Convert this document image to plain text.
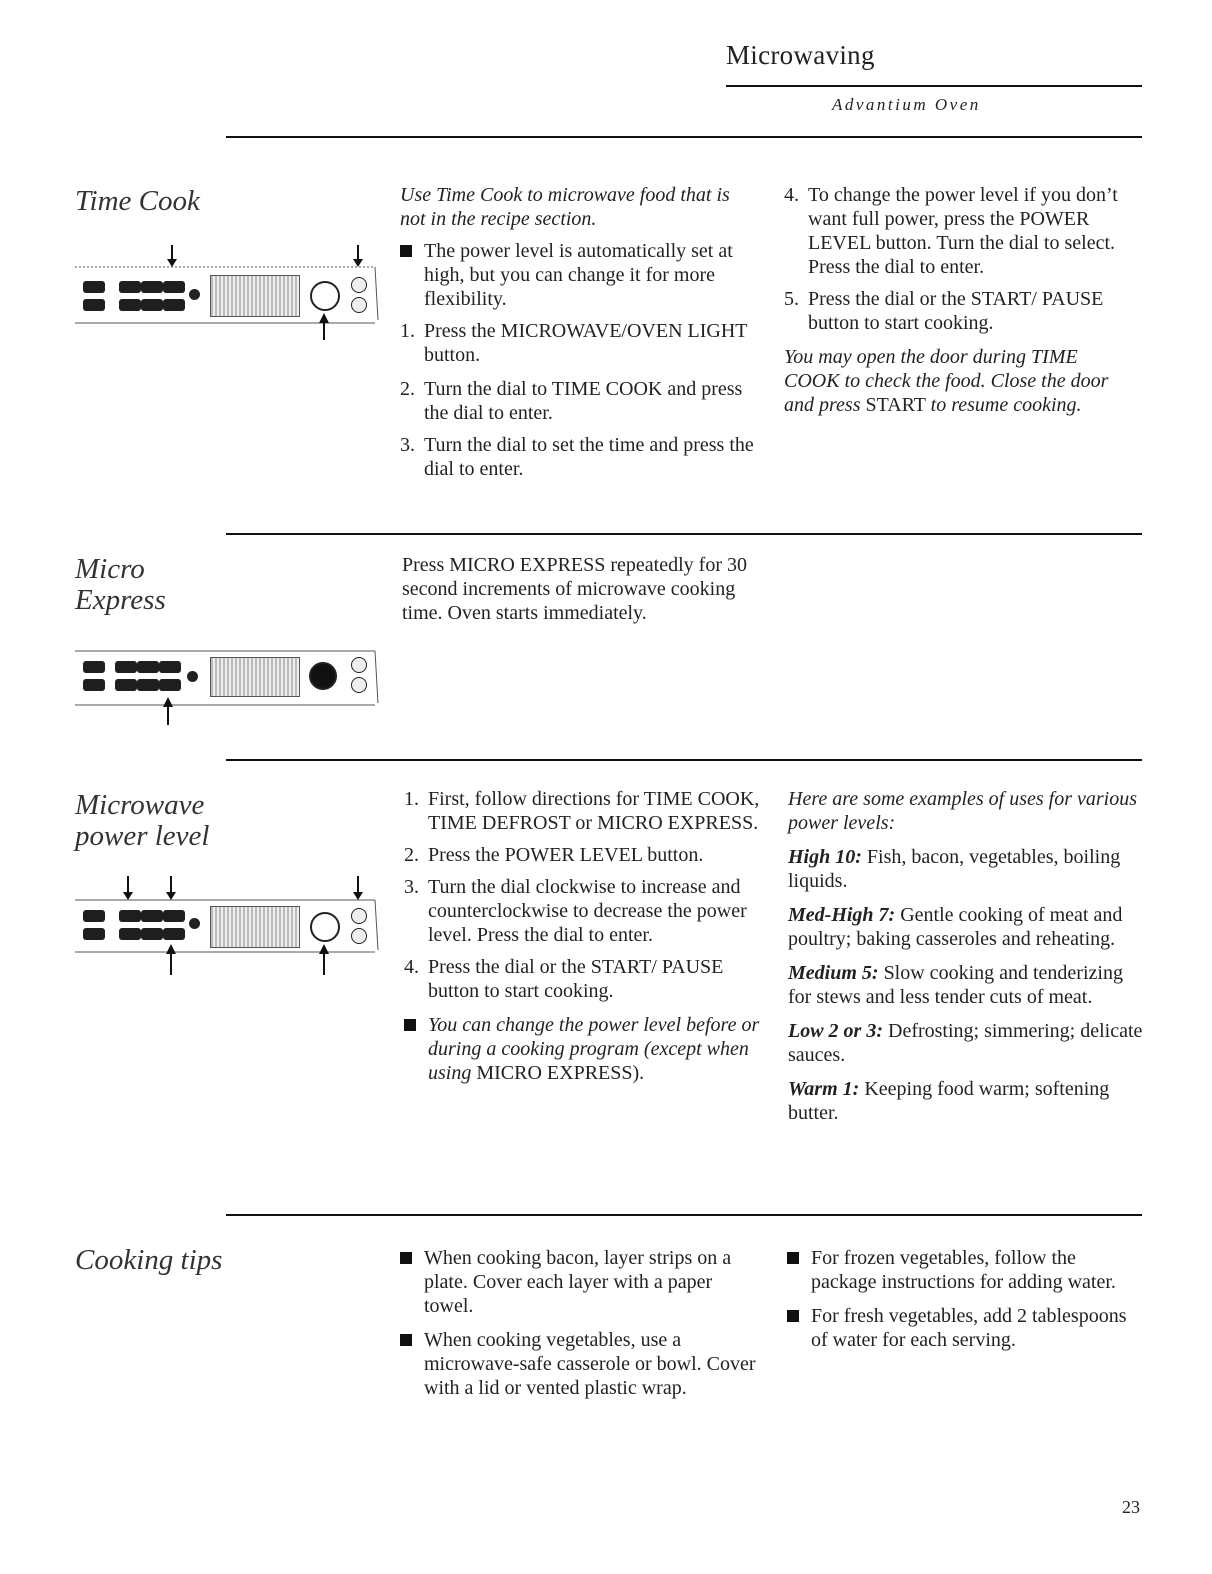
Microwaving
Advantium Oven
Time Cook	Use Time Cook to microwave food that is not in the recipe section.

The power level is automatically set at high, but you can change it for more flexibility.
1. Press the MICROWAVE/OVEN LIGHT button.
2. Turn the dial to TIME COOK and press the dial to enter.
3. Turn the dial to set the time and press the dial to enter.
4. To change the power level if you don’t want full power, press the POWER LEVEL button. Turn the dial to select. Press the dial to enter.
5. Press the dial or the START/ PAUSE button to start cooking.

You may open the door during TIME COOK to check the food. Close the door and press START to resume cooking.

Micro
Express
Press MICRO EXPRESS repeatedly for 30 second increments of microwave cooking time. Oven starts immediately.
Microwave
power level
1. First, follow directions for TIME COOK, TIME DEFROST or MICRO EXPRESS.
2. Press the POWER LEVEL button.
3. Turn the dial clockwise to increase and counterclockwise to decrease the power level. Press the dial to enter.
4. Press the dial or the START/ PAUSE button to start cooking.
You can change the power level before or during a cooking program (except when using MICRO EXPRESS).

Here are some examples of uses for various power levels:

High 10: Fish, bacon, vegetables, boiling liquids.

Med-High 7: Gentle cooking of meat and poultry; baking casseroles and reheating.

Medium 5: Slow cooking and tenderizing for stews and less tender cuts of meat.

Low 2 or 3: Defrosting; simmering; delicate sauces.

Warm 1: Keeping food warm; softening butter.

Cooking tips	When cooking bacon, layer strips on a plate. Cover each layer with a paper towel.
When cooking vegetables, use a microwave-safe casserole or bowl. Cover with a lid or vented plastic wrap.
For frozen vegetables, follow the package instructions for adding water.
For fresh vegetables, add 2 tablespoons of water for each serving.
23
